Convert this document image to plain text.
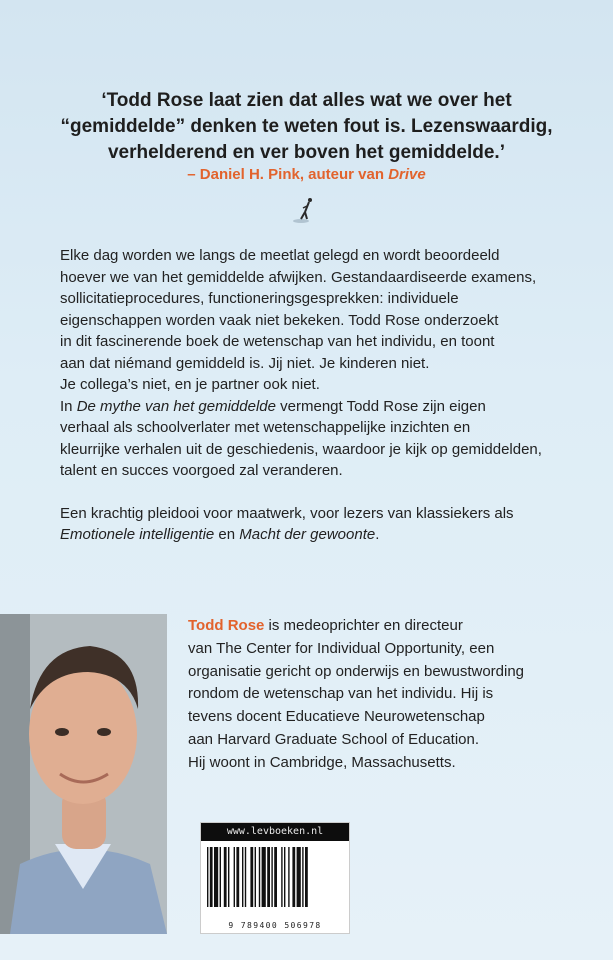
‘Todd Rose laat zien dat alles wat we over het
“gemiddelde” denken te weten fout is. Lezenswaardig,
verhelderend en ver boven het gemiddelde.’
– Daniel H. Pink, auteur van Drive

Elke dag worden we langs de meetlat gelegd en wordt beoordeeld

hoever we van het gemiddelde afwijken. Gestandaardiseerde examens,

sollicitatieprocedures, functioneringsgesprekken: individuele

eigenschappen worden vaak niet bekeken. Todd Rose onderzoekt

in dit fascinerende boek de wetenschap van het individu, en toont

aan dat niémand gemiddeld is. Jij niet. Je kinderen niet.

Je collega’s niet, en je partner ook niet.

In De mythe van het gemiddelde vermengt Todd Rose zijn eigen

verhaal als schoolverlater met wetenschappelijke inzichten en

kleurrijke verhalen uit de geschiedenis, waardoor je kijk op gemiddelden,

talent en succes voorgoed zal veranderen.

Een krachtig pleidooi voor maatwerk, voor lezers van klassiekers als

Emotionele intelligentie en Macht der gewoonte.

Todd Rose is medeoprichter en directeur

van The Center for Individual Opportunity, een

organisatie gericht op onderwijs en bewustwording

rondom de wetenschap van het individu. Hij is

tevens docent Educatieve Neurowetenschap

aan Harvard Graduate School of Education.

Hij woont in Cambridge, Massachusetts.

www.levboeken.nl
9 789400 506978
